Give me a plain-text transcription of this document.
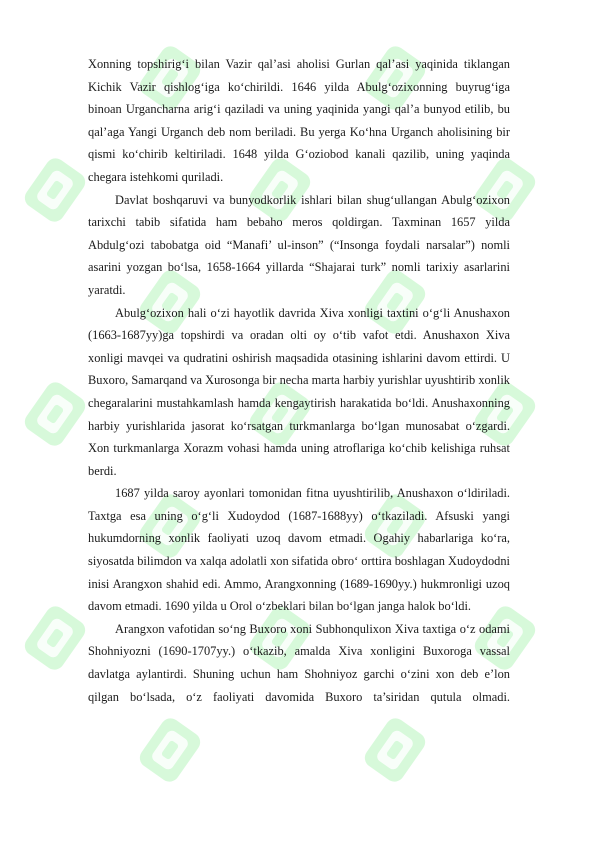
Xonning topshirig‘i bilan Vazir qal’asi aholisi Gurlan qal’asi yaqinida tiklangan Kichik Vazir qishlog‘iga ko‘chirildi. 1646 yilda Abulg‘ozixonning buyrug‘iga binoan Urgancharna arig‘i qaziladi va uning yaqinida yangi qal’a bunyod etilib, bu qal’aga Yangi Urganch deb nom beriladi. Bu yerga Ko‘hna Urganch aholisining bir qismi ko‘chirib keltiriladi. 1648 yilda G‘oziobod kanali qazilib, uning yaqinda chegara istehkomi quriladi.

Davlat boshqaruvi va bunyodkorlik ishlari bilan shug‘ullangan Abulg‘ozixon tarixchi tabib sifatida ham bebaho meros qoldirgan. Taxminan 1657 yilda Abdulg‘ozi tabobatga oid “Manafi’ ul-inson” (“Insonga foydali narsalar”) nomli asarini yozgan bo‘lsa, 1658-1664 yillarda “Shajarai turk” nomli tarixiy asarlarini yaratdi.

Abulg‘ozixon hali o‘zi hayotlik davrida Xiva xonligi taxtini o‘g‘li Anushaxon (1663-1687yy)ga topshirdi va oradan olti oy o‘tib vafot etdi. Anushaxon Xiva xonligi mavqei va qudratini oshirish maqsadida otasining ishlarini davom ettirdi. U Buxoro, Samarqand va Xurosonga bir necha marta harbiy yurishlar uyushtirib xonlik chegaralarini mustahkamlash hamda kengaytirish harakatida bo‘ldi. Anushaxonning harbiy yurishlarida jasorat ko‘rsatgan turkmanlarga bo‘lgan munosabat o‘zgardi. Xon turkmanlarga Xorazm vohasi hamda uning atroflariga ko‘chib kelishiga ruhsat berdi.

1687 yilda saroy ayonlari tomonidan fitna uyushtirilib, Anushaxon o‘ldiriladi. Taxtga esa uning o‘g‘li Xudoydod (1687-1688yy) o‘tkaziladi. Afsuski yangi hukumdorning xonlik faoliyati uzoq davom etmadi. Ogahiy habarlariga ko‘ra, siyosatda bilimdon va xalqa adolatli xon sifatida obro‘ orttira boshlagan Xudoydodni inisi Arangxon shahid edi. Ammo, Arangxonning (1689-1690yy.) hukmronligi uzoq davom etmadi. 1690 yilda u Orol o‘zbeklari bilan bo‘lgan janga halok bo‘ldi.

Arangxon vafotidan so‘ng Buxoro xoni Subhonqulixon Xiva taxtiga o‘z odami Shohniyozni (1690-1707yy.) o‘tkazib, amalda Xiva xonligini Buxoroga vassal davlatga aylantirdi. Shuning uchun ham Shohniyoz garchi o‘zini xon deb e’lon qilgan bo‘lsada, o‘z faoliyati davomida Buxoro ta’siridan qutula olmadi.
